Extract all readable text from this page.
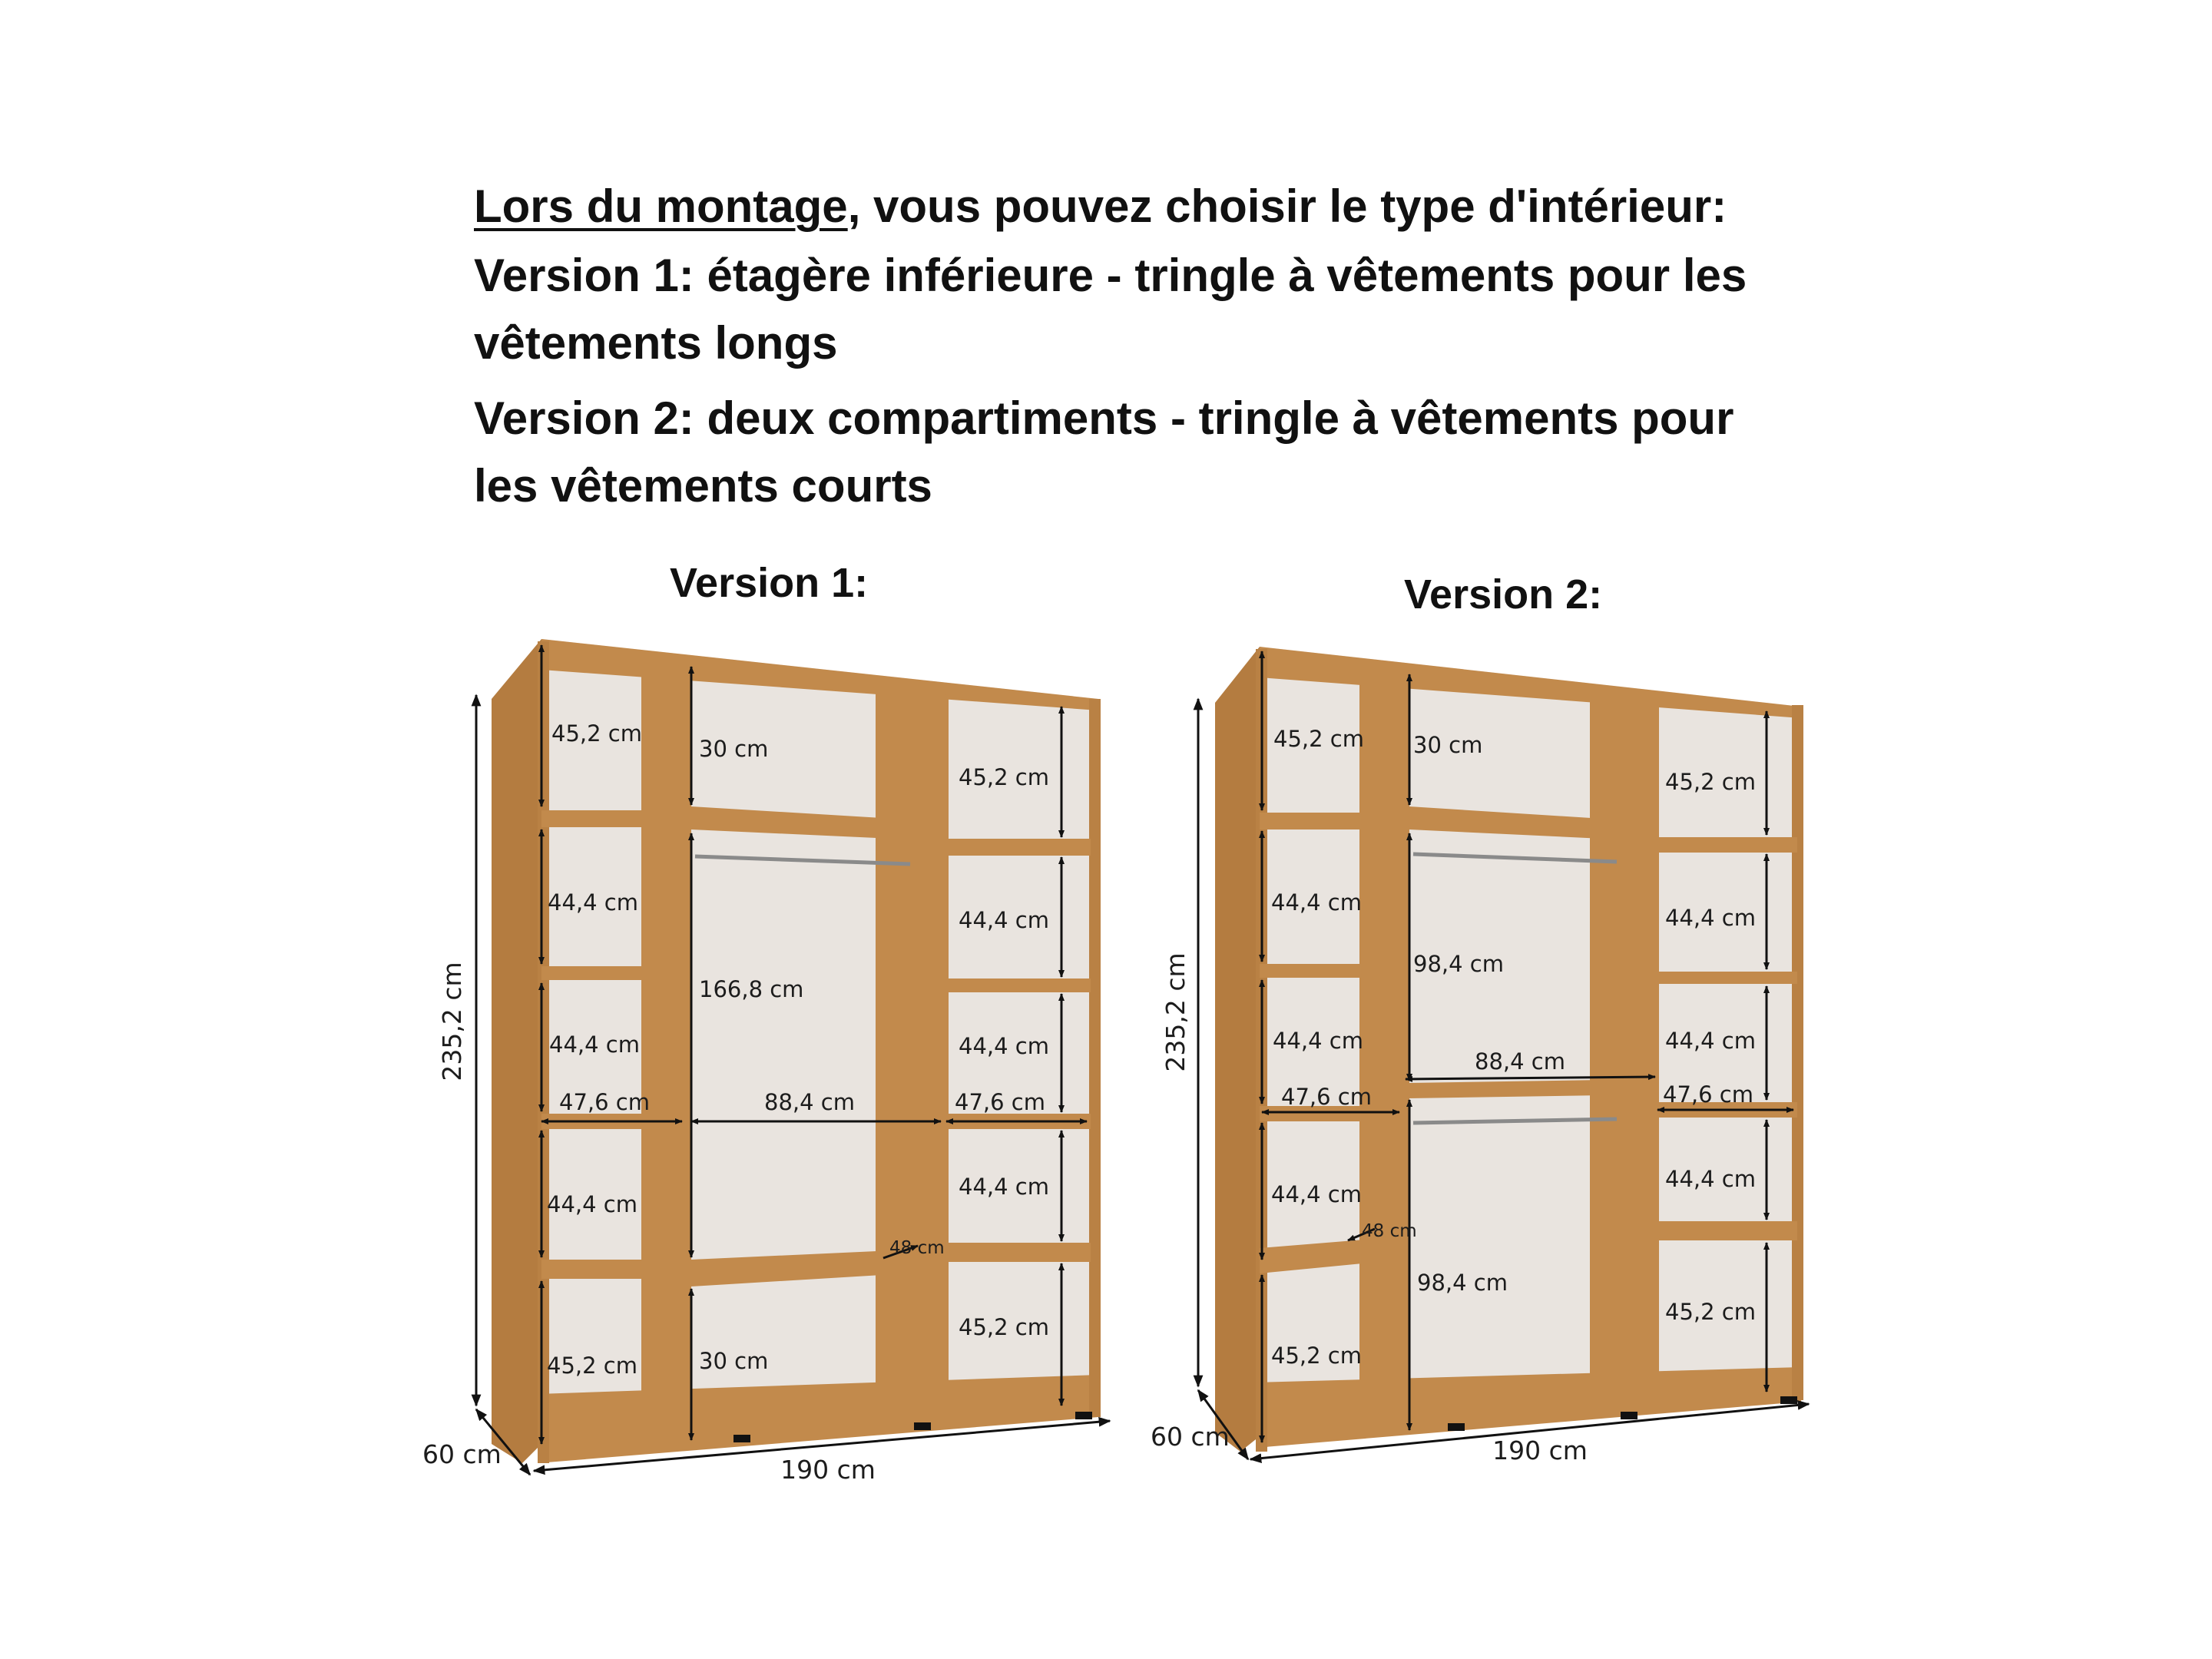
Lors du montage, vous pouvez choisir le type d'intérieur:
Version 1: étagère inférieure - tringle à vêtements pour les
vêtements longs
Version 2: deux compartiments - tringle à vêtements pour
les vêtements courts
Version 1:	Version 2:
235,2 cm
190 cm
60 cm
45,2 cm
44,4 cm
44,4 cm
44,4 cm
45,2 cm
47,6 cm
30 cm
166,8 cm
88,4 cm
30 cm
48 cm
45,2 cm
44,4 cm
44,4 cm
44,4 cm
45,2 cm
47,6 cm
235,2 cm
190 cm
60 cm
45,2 cm
44,4 cm
44,4 cm
44,4 cm
45,2 cm
47,6 cm
30 cm
98,4 cm
88,4 cm
98,4 cm
48 cm
45,2 cm
44,4 cm
44,4 cm
44,4 cm
45,2 cm
47,6 cm
